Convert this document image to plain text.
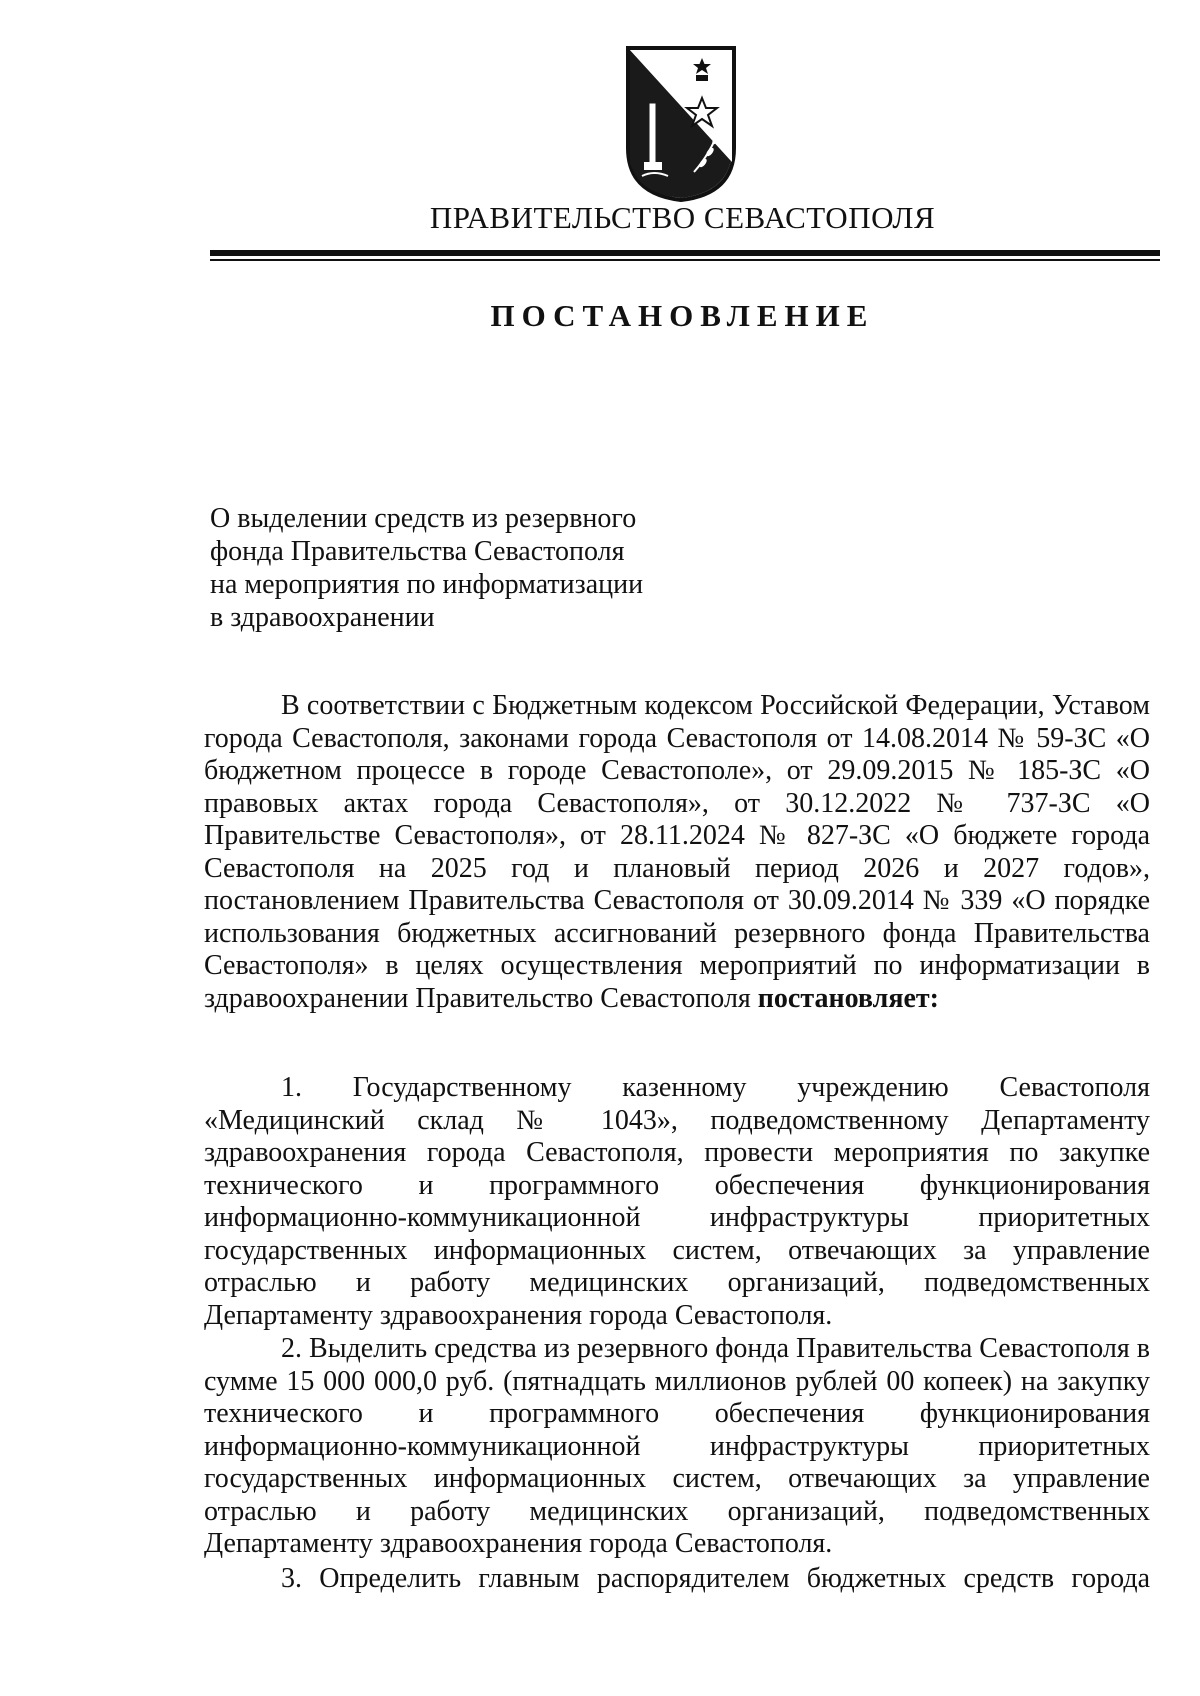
ПРАВИТЕЛЬСТВО СЕВАСТОПОЛЯ
ПОСТАНОВЛЕНИЕ
О выделении средств из резервного
фонда Правительства Севастополя
на мероприятия по информатизации
в здравоохранении

В соответствии с Бюджетным кодексом Российской Федерации, Уставом города Севастополя, законами города Севастополя от 14.08.2014 № 59-ЗС «О бюджетном процессе в городе Севастополе», от 29.09.2015 № 185-ЗС «О правовых актах города Севастополя», от 30.12.2022 № 737-ЗС «О Правительстве Севастополя», от 28.11.2024 № 827-ЗС «О бюджете города Севастополя на 2025 год и плановый период 2026 и 2027 годов», постановлением Правительства Севастополя от 30.09.2014 № 339 «О порядке использования бюджетных ассигнований резервного фонда Правительства Севастополя» в целях осуществления мероприятий по информатизации в здравоохранении Правительство Севастополя постановляет:

1. Государственному казенному учреждению Севастополя «Медицинский склад № 1043», подведомственному Департаменту здравоохранения города Севастополя, провести мероприятия по закупке технического и программного обеспечения функционирования информационно-коммуникационной инфраструктуры приоритетных государственных информационных систем, отвечающих за управление отраслью и работу медицинских организаций, подведомственных Департаменту здравоохранения города Севастополя.

2. Выделить средства из резервного фонда Правительства Севастополя в сумме 15 000 000,0 руб. (пятнадцать миллионов рублей 00 копеек) на закупку технического и программного обеспечения функционирования информационно-коммуникационной инфраструктуры приоритетных государственных информационных систем, отвечающих за управление отраслью и работу медицинских организаций, подведомственных Департаменту здравоохранения города Севастополя.

3. Определить главным распорядителем бюджетных средств города
